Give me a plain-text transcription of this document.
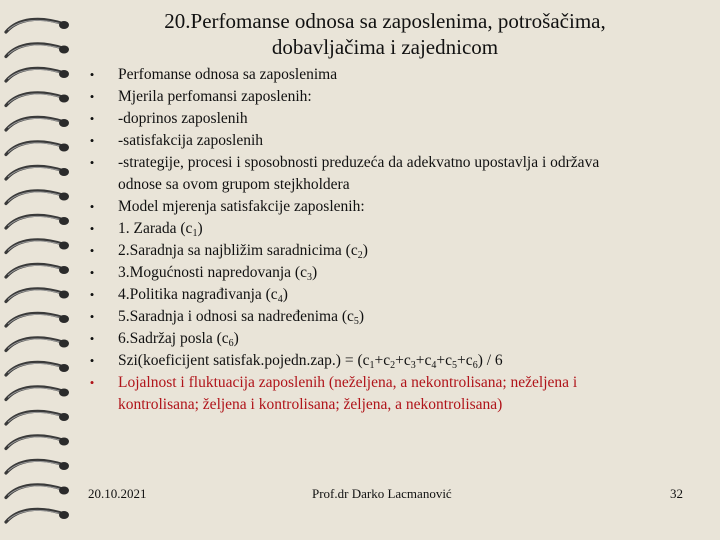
20.Perfomanse odnosa sa zaposlenima, potrošačima,
dobavljačima i zajednicom
• Perfomanse odnosa sa zaposlenima
• Mjerila perfomansi zaposlenih:
• -doprinos zaposlenih
• -satisfakcija zaposlenih
• -strategije, procesi i sposobnosti preduzeća da adekvatno upostavlja i održava
odnose sa ovom grupom stejkholdera
• Model mjerenja satisfakcije zaposlenih:
• 1. Zarada $(c_1)$
• 2.Saradnja sa najbližim saradnicima $(c_2)$
• 3.Mogućnosti napredovanja $(c_3)$
• 4.Politika nagrađivanja $(c_4)$
• 5.Saradnja i odnosi sa nadređenima $(c_5)$
• 6.Sadržaj posla $(c_6)$
• Szi(koeficijent satisfak.pojedn.zap.) = $(c_1+c_2+c_3+c_4+c_5+c_6) / 6$
• Lojalnost i fluktuacija zaposlenih (neželjena, a nekontrolisana; neželjena i
kontrolisana; željena i kontrolisana; željena, a nekontrolisana)
20.10.2021	Prof.dr Darko Lacmanović	32
